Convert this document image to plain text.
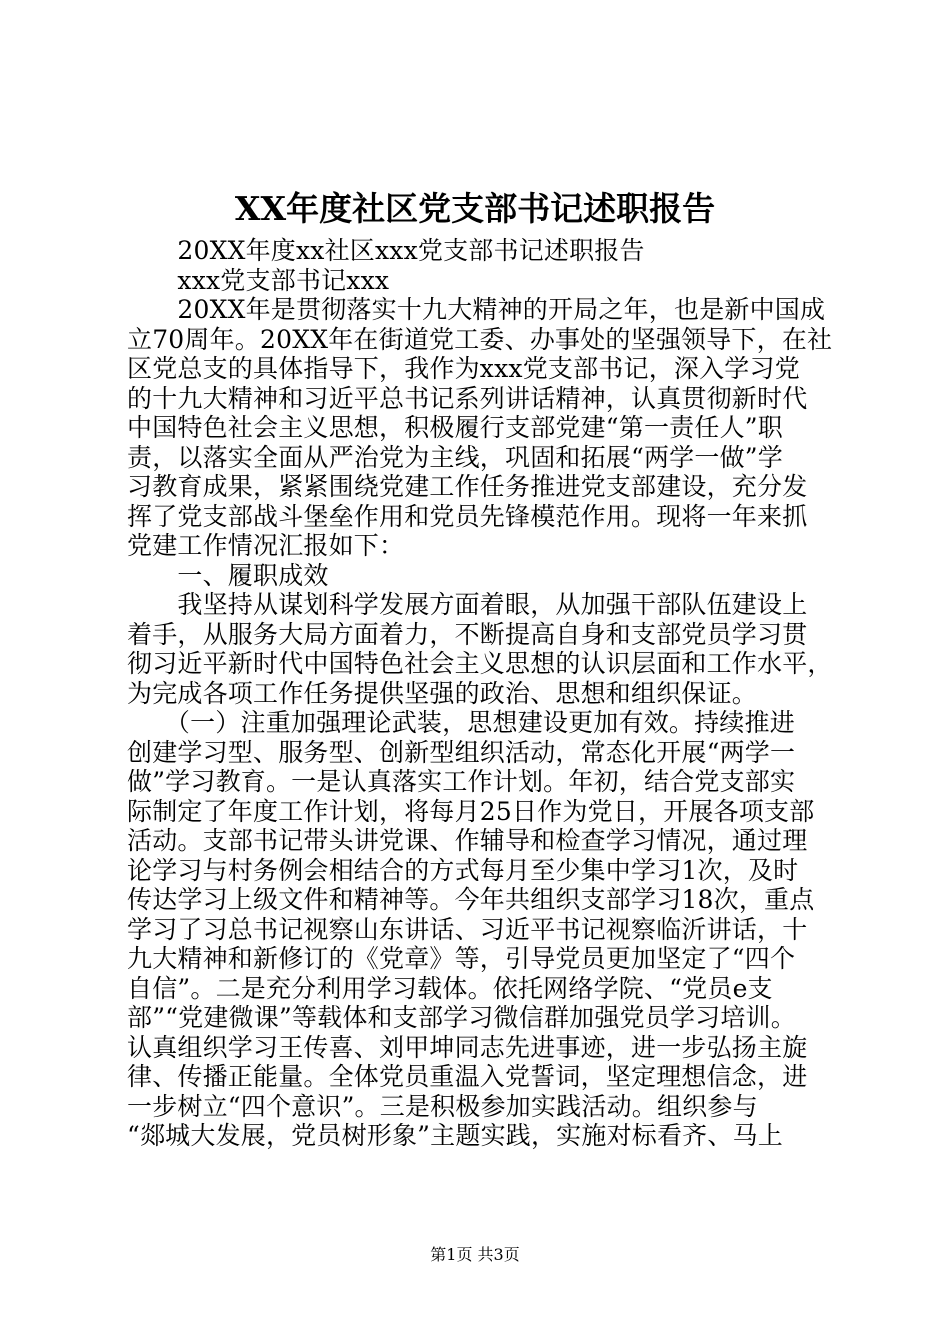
XX年度社区党支部书记述职报告
　　20XX年度xx社区xxx党支部书记述职报告
　　xxx党支部书记xxx
　　20XX年是贯彻落实十九大精神的开局之年，也是新中国成
立70周年。20XX年在街道党工委、办事处的坚强领导下，在社
区党总支的具体指导下，我作为xxx党支部书记，深入学习党
的十九大精神和习近平总书记系列讲话精神，认真贯彻新时代
中国特色社会主义思想，积极履行支部党建“第一责任人”职
责，以落实全面从严治党为主线，巩固和拓展“两学一做”学
习教育成果，紧紧围绕党建工作任务推进党支部建设，充分发
挥了党支部战斗堡垒作用和党员先锋模范作用。现将一年来抓
党建工作情况汇报如下：
　　一、履职成效
　　我坚持从谋划科学发展方面着眼，从加强干部队伍建设上
着手，从服务大局方面着力，不断提高自身和支部党员学习贯
彻习近平新时代中国特色社会主义思想的认识层面和工作水平，
为完成各项工作任务提供坚强的政治、思想和组织保证。
　　（一）注重加强理论武装，思想建设更加有效。持续推进
创建学习型、服务型、创新型组织活动，常态化开展“两学一
做”学习教育。一是认真落实工作计划。年初，结合党支部实
际制定了年度工作计划，将每月25日作为党日，开展各项支部
活动。支部书记带头讲党课、作辅导和检查学习情况，通过理
论学习与村务例会相结合的方式每月至少集中学习1次，及时
传达学习上级文件和精神等。今年共组织支部学习18次，重点
学习了习总书记视察山东讲话、习近平书记视察临沂讲话，十
九大精神和新修订的《党章》等，引导党员更加坚定了“四个
自信”。二是充分利用学习载体。依托网络学院、“党员e支
部”“党建微课”等载体和支部学习微信群加强党员学习培训。
认真组织学习王传喜、刘甲坤同志先进事迹，进一步弘扬主旋
律、传播正能量。全体党员重温入党誓词，坚定理想信念，进
一步树立“四个意识”。三是积极参加实践活动。组织参与
“郯城大发展，党员树形象”主题实践，实施对标看齐、马上
第1页 共3页
